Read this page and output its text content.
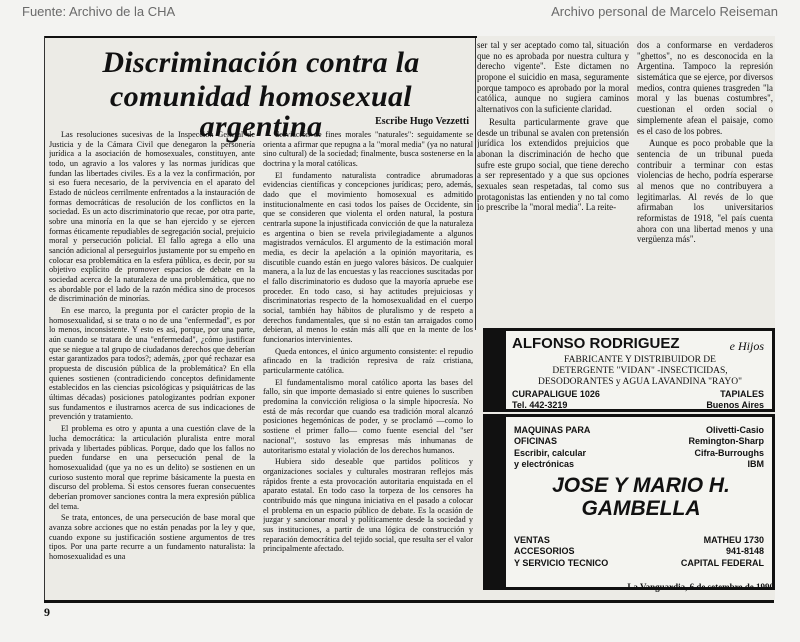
Fuente: Archivo de la CHA	Archivo personal de Marcelo Reiseman
Discriminación contra la
comunidad homosexual argentina	Escribe Hugo Vezzetti

Las resoluciones sucesivas de la Inspección General de Justicia y de la Cámara Civil que denegaron la personería jurídica a la asociación de homosexuales, constituyen, ante todo, un agravio a los valores y las normas jurídicas que fundan las libertades civiles. Es a la vez la confirmación, por si eso fuera necesario, de la pervivencia en el aparato del Estado de núcleos cerrilmente enfrentados a la instauración de formas democráticas de resolución de los conflictos en la sociedad. Es un acto discriminatorio que recae, por otra parte, sobre una minoría en la que se han ejercido y se ejercen formas éticamente repudiables de segregación social, prejuicio moral y persecución policial. El fallo agrega a ello una sanción adicional al perseguirlos justamente por su empeño en colocar esa problemática en la esfera pública, es decir, por su objetivo explícito de promover espacios de debate en la sociedad acerca de la naturaleza de una problemática, que no es abordable por el lado de la razón médica sino de procesos de discriminación de minorías.

En ese marco, la pregunta por el carácter propio de la homosexualidad, si se trata o no de una "enfermedad", es por lo menos, inconsistente. Y esto es así, porque, por una parte, aún cuando se tratara de una "enfermedad", ¿cómo justificar que se niegue a tal grupo de ciudadanos derechos que deberían estar garantizados para todos?; además, ¿por qué rechazar esa propuesta de discusión pública de la problemática? En ella quienes sostienen (contradiciendo conceptos definidamente establecidos en las ciencias psicológicas y psiquiátricas de las últimas décadas) posiciones patologizantes podrían exponer sus fundamentos e ilustrarnos acerca de sus indicaciones de prevención y tratamiento.

El problema es otro y apunta a una cuestión clave de la lucha democrática: la articulación pluralista entre moral privada y libertades públicas. Porque, dado que los fallos no pueden fundarse en una persecución penal de la homosexualidad (que ya no es un delito) se sostienen en un curioso sustento moral que reprime básicamente la puesta en discurso del problema. Si estos censores fueran consecuentes deberían promover sanciones contra la mera expresión pública del tema.

Se trata, entonces, de una persecución de base moral que avanza sobre acciones que no están penadas por la ley y que, cuando expone su justificación sostiene argumentos de tres tipos. Por una parte recurre a un fundamento naturalista: la homosexualidad es una

desviación de fines morales "naturales": seguidamente se orienta a afirmar que repugna a la "moral media" (ya no natural sino cultural) de la sociedad; finalmente, busca sostenerse en la doctrina y la moral católicas.

El fundamento naturalista contradice abrumadoras evidencias científicas y concepciones jurídicas; pero, además, dado que el movimiento homosexual es admitido institucionalmente en casi todos los países de Occidente, sin que se consideren que violenta el orden natural, la postura centrarla supone la injustificada convicción de que la naturaleza es argentina o bien se revela privilegiadamente a algunos magistrados vernáculos. El argumento de la estimación moral media, es decir la apelación a la opinión mayoritaria, es discutible cuando están en juego valores básicos. De cualquier manera, a la luz de las encuestas y las reacciones suscitadas por el fallo discriminatorio es dudoso que la mayoría apruebe ese proceder. En todo caso, si hay actitudes prejuiciosas y discriminatorias respecto de la homosexualidad en el cuerpo social, también hay hábitos de pluralismo y de respeto a derechos fundamentales, que si no están tan arraigados como debieran, al menos lo están más allí que en la mente de los funcionarios intervinientes.

Queda entonces, el único argumento consistente: el repudio afincado en la tradición represiva de raíz cristiana, particularmente católica.

El fundamentalismo moral católico aporta las bases del fallo, sin que importe demasiado si entre quienes lo suscriben predomina la convicción religiosa o la simple hipocresía. No está de más recordar que cuando esa tradición moral alcanzó posiciones hegemónicas de poder, y se proclamó —como lo sostiene el primer fallo— como fuente esencial del "ser nacional", sostuvo las empresas más inhumanas de autoritarismo estatal y violación de los derechos humanos.

Hubiera sido deseable que partidos políticos y organizaciones sociales y culturales mostraran reflejos más rápidos frente a esta provocación autoritaria enquistada en el aparato estatal. En todo caso la torpeza de los censores ha contribuido más que ninguna iniciativa en el pasado a colocar el problema en un espacio público de debate. Es la ocasión de juzgar y sancionar moral y políticamente desde la sociedad y sus instituciones, a partir de una lógica de construcción y reparación democrática del tejido social, que resulta ser el valor principalmente afectado.

ser tal y ser aceptado como tal, situación que no es aprobada por nuestra cultura y derecho vigente". Este dictamen no propone el suicidio en masa, seguramente porque tampoco es aprobado por la moral católica, aunque no sugiera caminos alternativos con la suficiente claridad.

Resulta particularmente grave que desde un tribunal se avalen con pretensión jurídica los extendidos prejuicios que abonan la discriminación de hecho que sufre este grupo social, que tiene derecho a ser representado y a que sus opciones sexuales sean respetadas, tal como sus protagonistas las entienden y no tal como lo prescribe la "moral media". La reite-

dos a conformarse en verdaderos "ghettos", no es desconocida en la Argentina. Tampoco la represión sistemática que se ejerce, por diversos medios, contra quienes trasgreden "la moral y las buenas costumbres", cuestionan el orden social o simplemente afean el paisaje, como es el caso de los pobres.

Aunque es poco probable que la sentencia de un tribunal pueda contribuir a terminar con estas violencias de hecho, podría esperarse al menos que no contribuyera a legitimarlas. Al revés de lo que afirmaban los universitarios reformistas de 1918, "el país cuenta ahora con una libertad menos y una vergüenza más".

ALFONSO RODRIGUEZ	e Hijos
FABRICANTE Y DISTRIBUIDOR DE
DETERGENTE "VIDAN" -INSECTICIDAS,
DESODORANTES y AGUA LAVANDINA "RAYO"
CURAPALIGUE 1026
Tel. 442-3219
TAPIALES
Buenos Aires
MAQUINAS PARA
OFICINAS
Escribir, calcular
y electrónicas
Olivetti-Casio
Remington-Sharp
Cifra-Burroughs
IBM
JOSE Y MARIO H.
GAMBELLA
VENTAS
ACCESORIOS
Y SERVICIO TECNICO
MATHEU 1730
941-8148
CAPITAL FEDERAL
La Vanguardia, 6 de setembre de 1990
9
